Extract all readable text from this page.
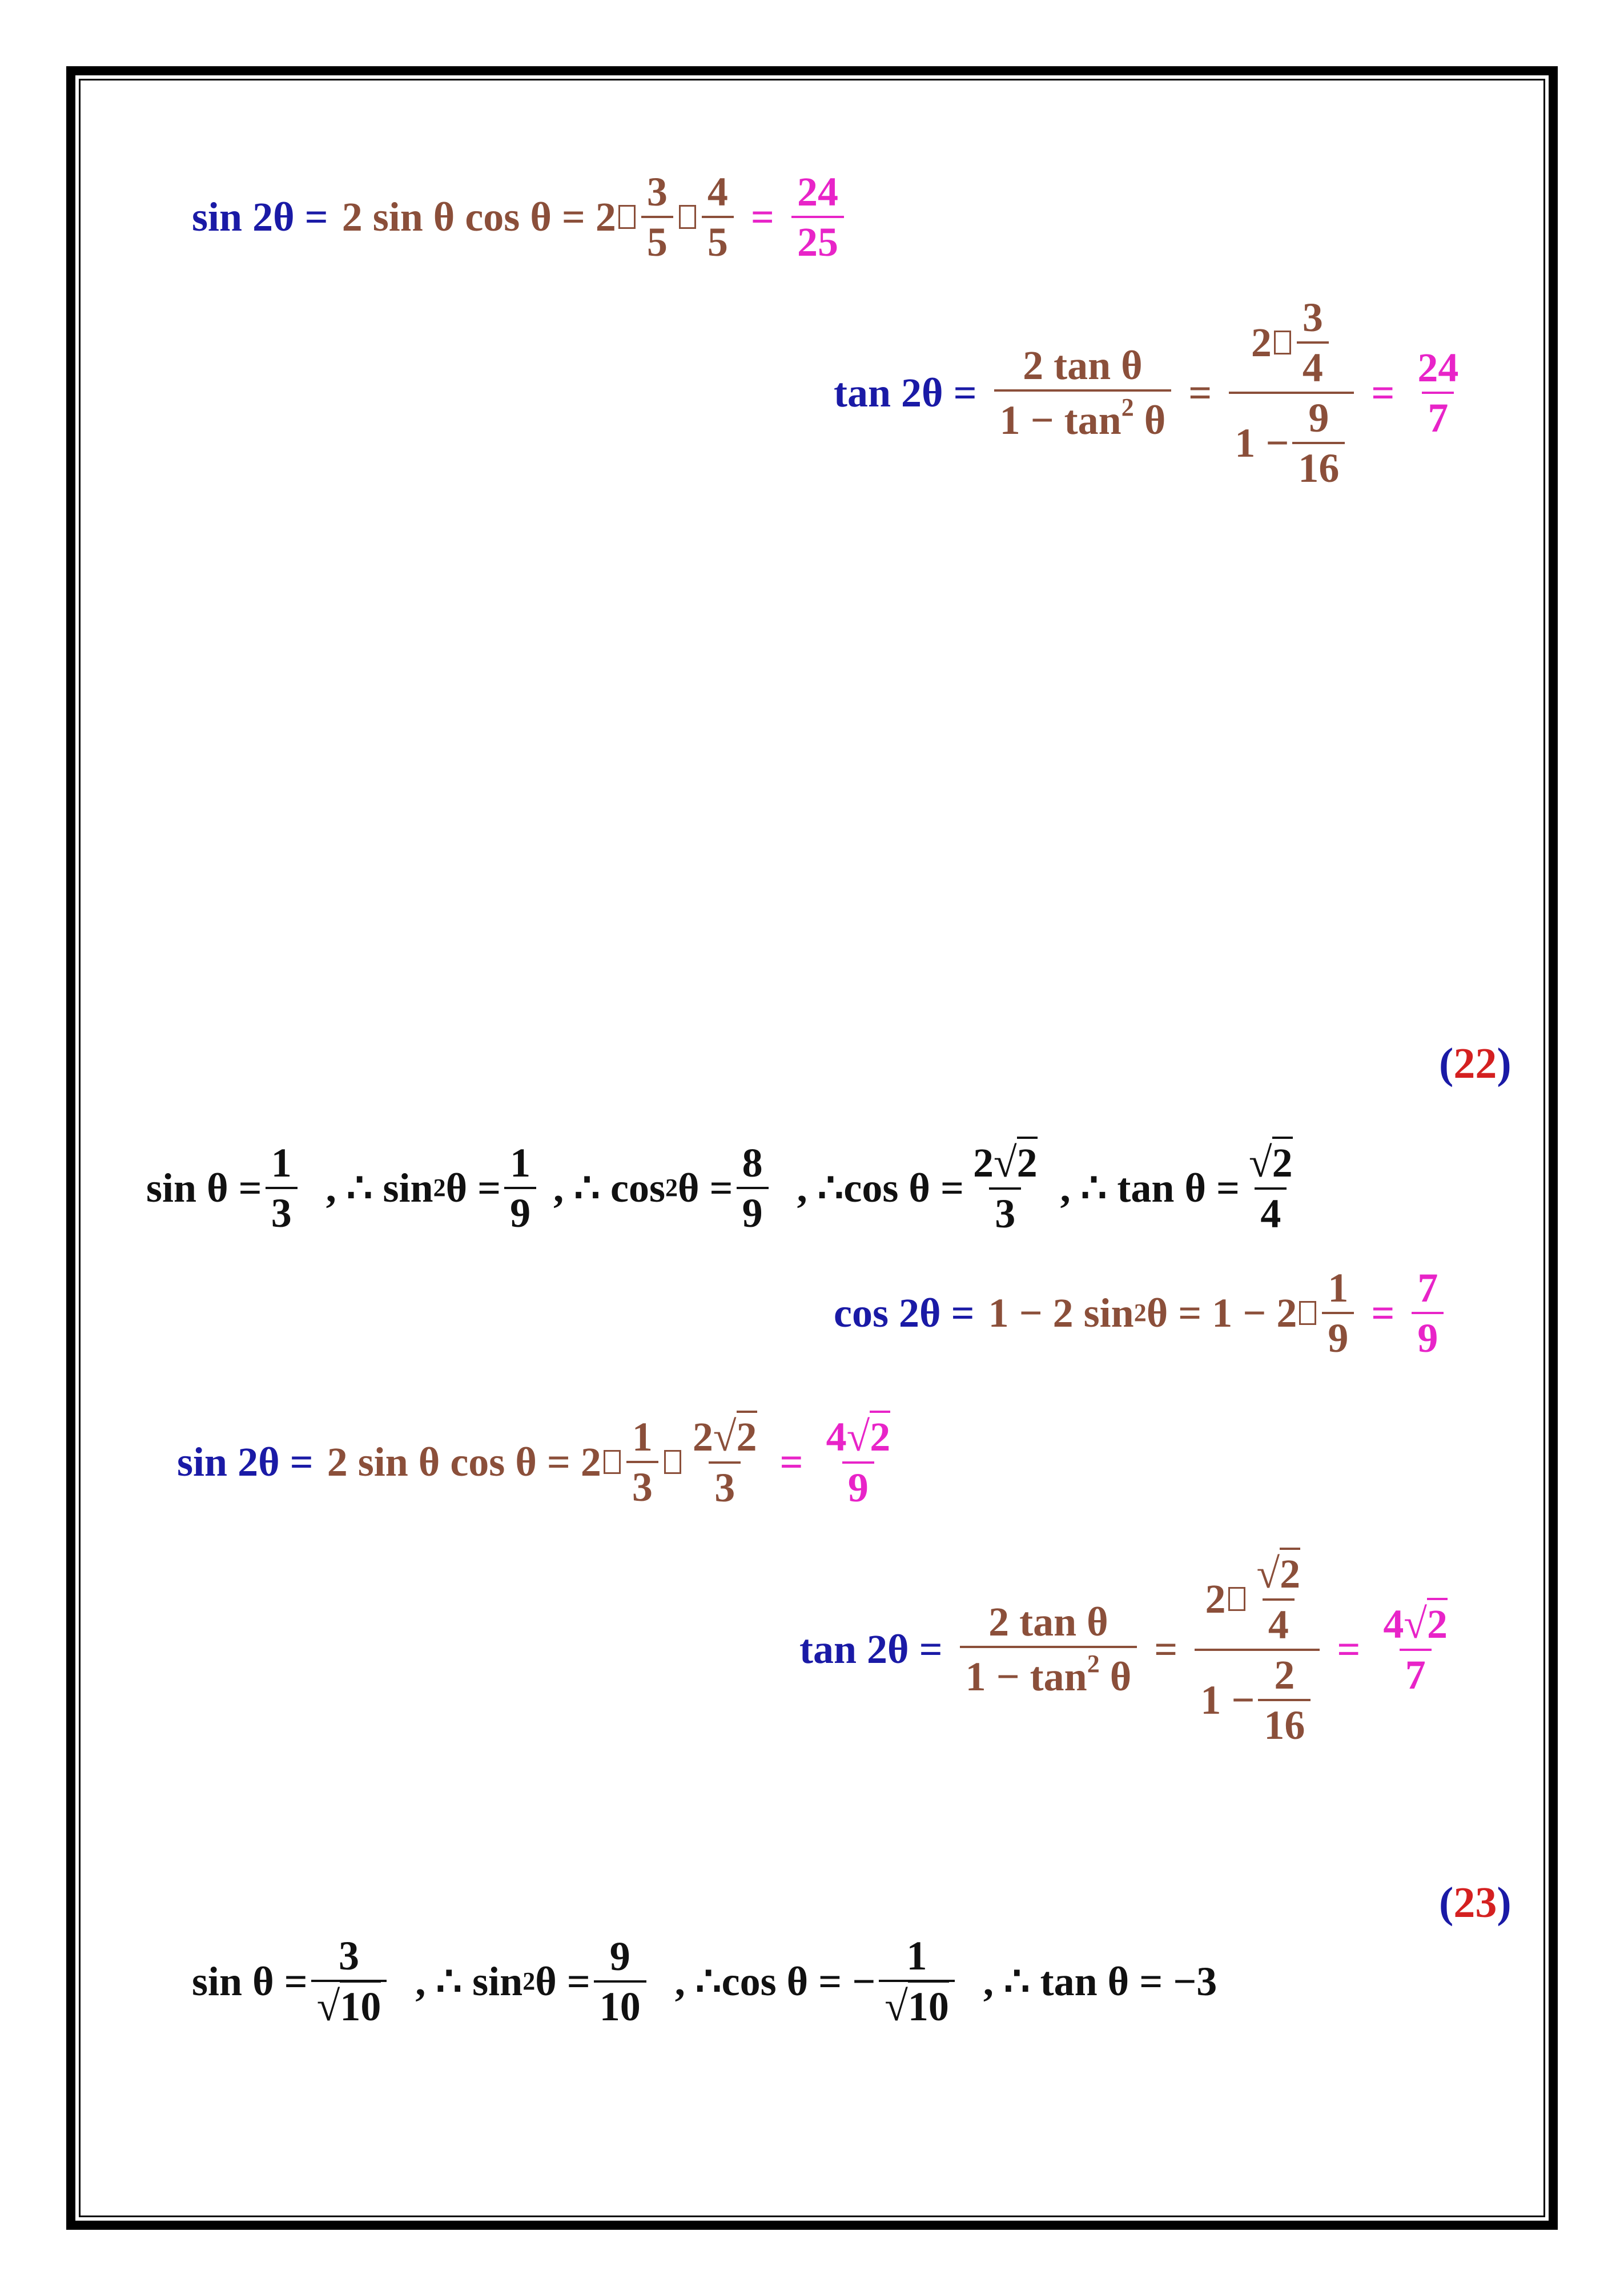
sin 2θ = 2 sin θ $\cos \theta = 2 \frac{3}{5} \frac{4}{5} = \frac{24}{25}$
$\tan 2\theta = \frac{\text{2 tan θ}}{1 - \tan^2 \theta} = \frac{2 \frac{3}{4}}{1 - \frac{9}{16}} = \frac{24}{7}$
(22)
$\sin \theta = \frac{1}{3}$ , ∴ sin 2 $\theta = \frac{1}{9}$ , ∴ cos 2 $\theta = \frac{8}{9}$ , ∴cos $\theta = \frac{2√2}{3}$ , ∴ $\tan \theta = \frac{√2}{4}$
cos 2θ = 1 − 2 sin 2 $\theta = 1 - 2 \frac{1}{9} = \frac{7}{9}$
sin 2θ = 2 sin θ $\cos \theta = 2 \frac{1}{3} \frac{2√2}{3} = \frac{4√2}{9}$
$\tan 2\theta = \frac{\text{2 tan θ}}{1 - \tan^2 \theta} = \frac{2 \frac{√2}{4}}{1 - \frac{2}{16}} = \frac{4√2}{7}$
(23)
$\sin \theta = \frac{3}{√10}$ , ∴ sin 2 $\theta = \frac{9}{10}$ , ∴cos θ = − $\frac{1}{√10}$ , ∴ tan θ = −3
